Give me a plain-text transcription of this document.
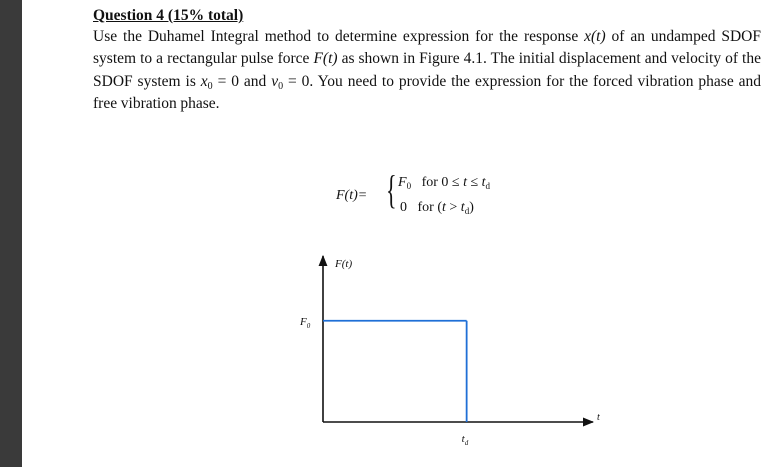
Question 4 (15% total)

Use the Duhamel Integral method to determine expression for the response x(t) of an undamped SDOF system to a rectangular pulse force F(t) as shown in Figure 4.1. The initial displacement and velocity of the SDOF system is $x_0 = 0$ and $v_0 = 0$. You need to provide the expression for the forced vibration phase and free vibration phase.

F(t)= { $F_0$ for $0 \le t \le t_d$
0 for $(t > t_d)$
F(t)
$F_0$
$t_d$
t
